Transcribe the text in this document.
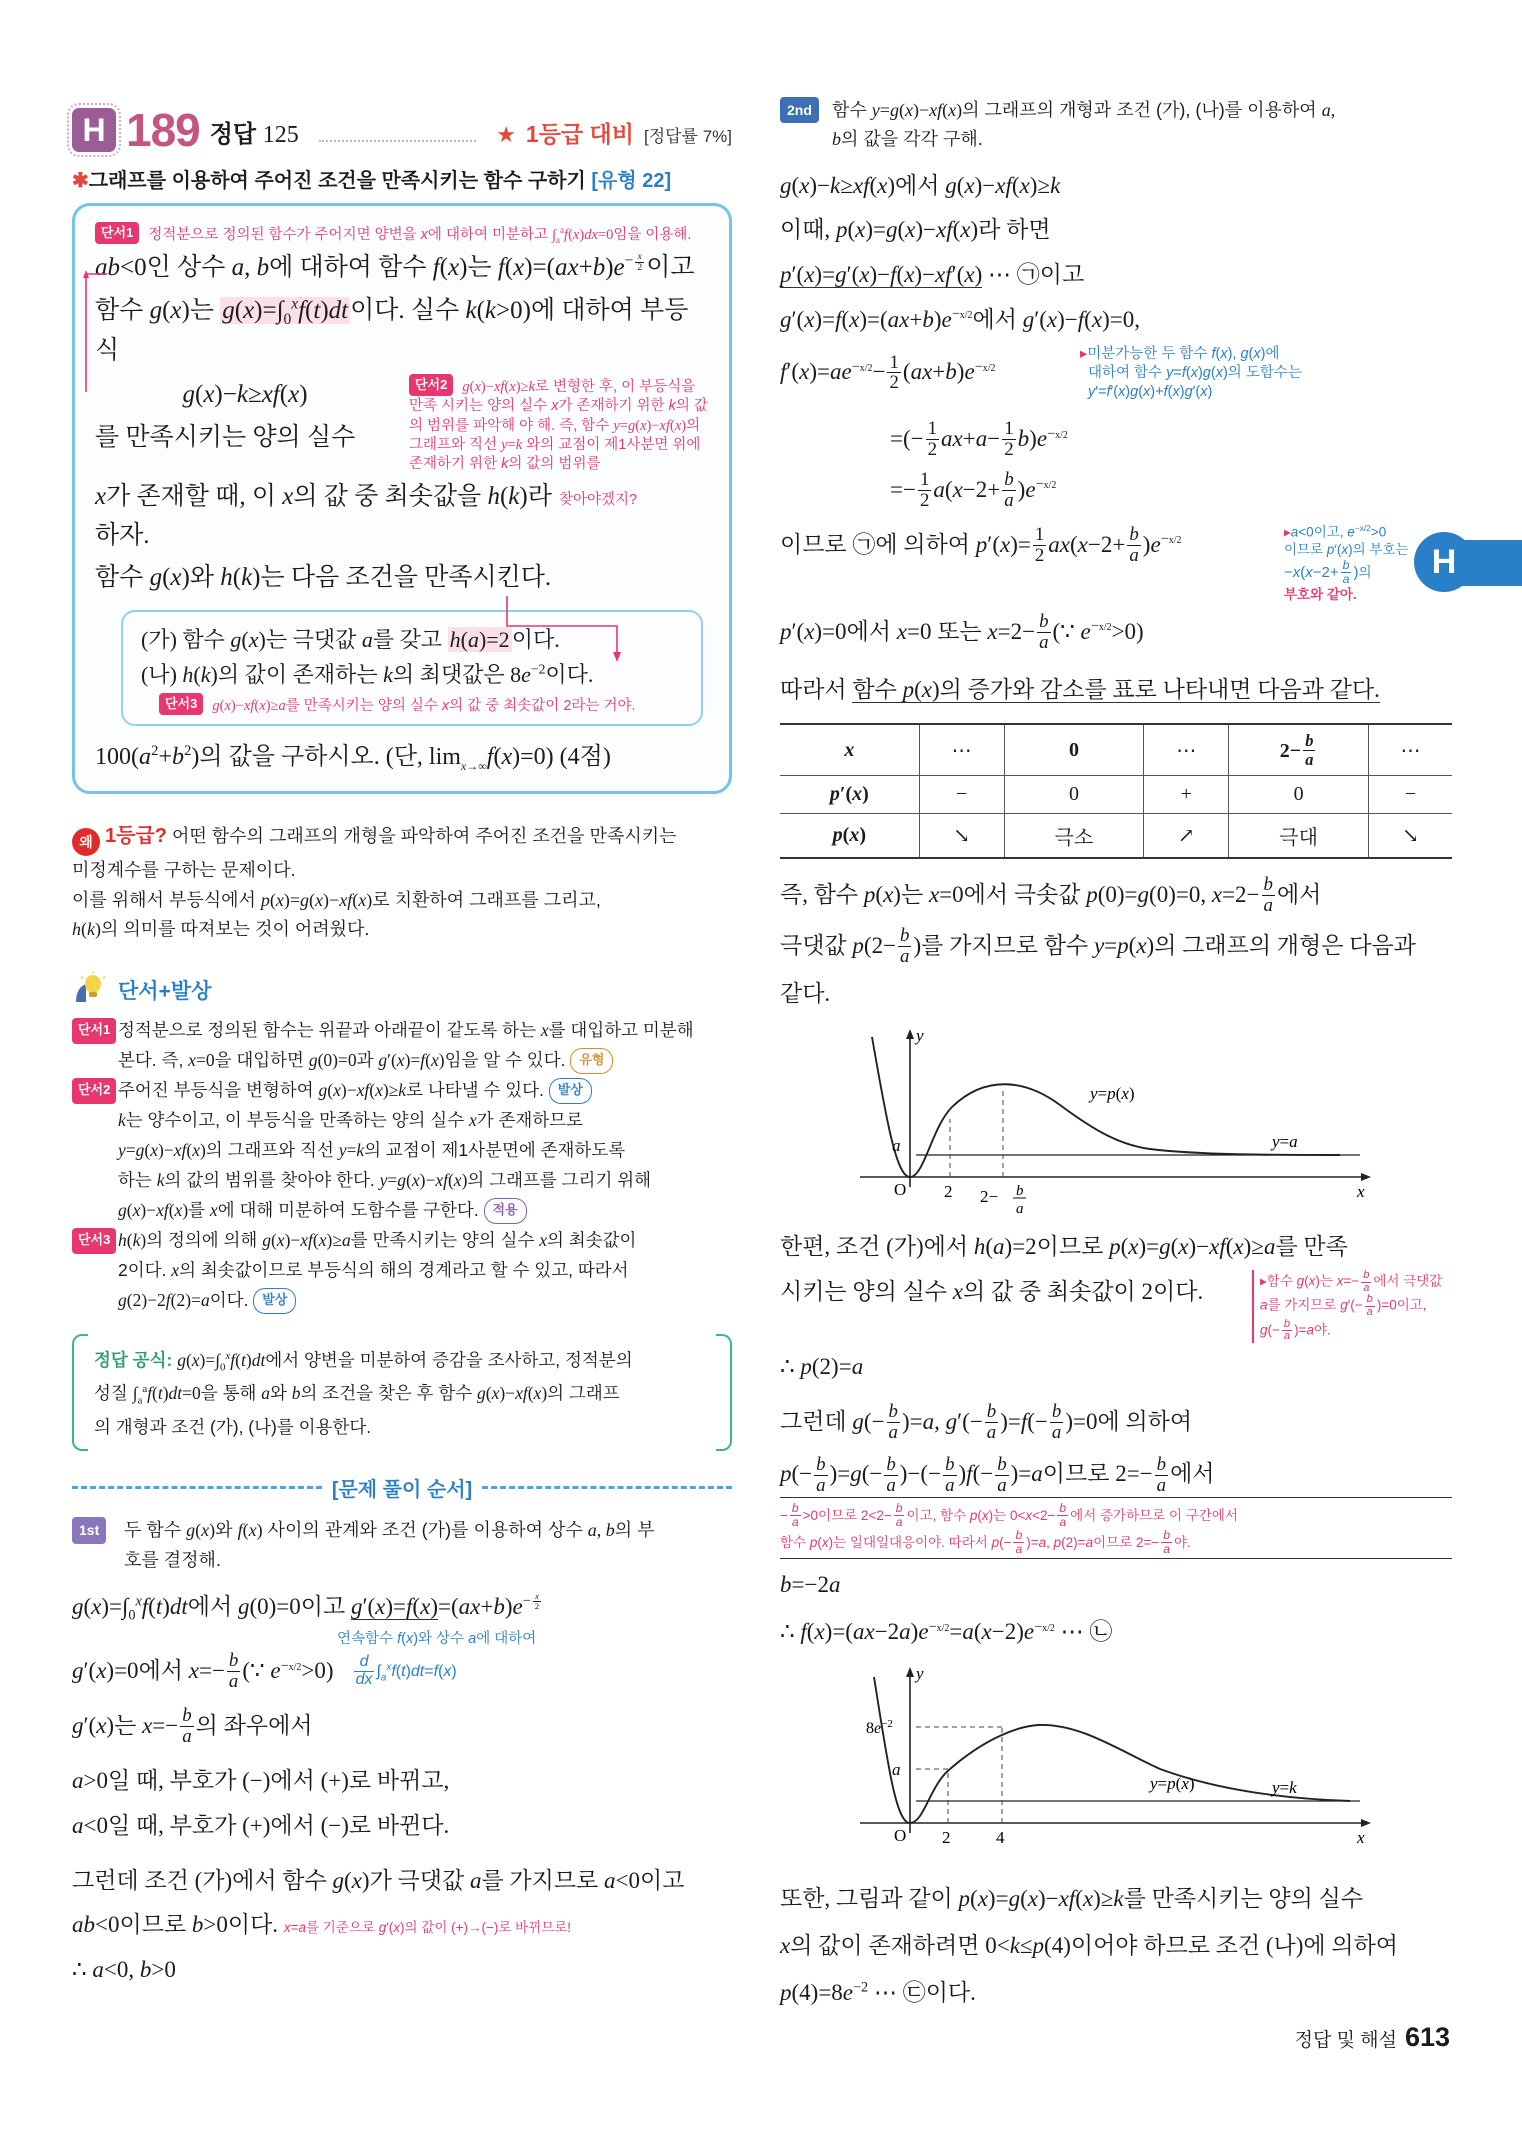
H 189 정답 125	★ 1등급 대비 [정답률 7%]
✱그래프를 이용하여 주어진 조건을 만족시키는 함수 구하기 [유형 22]
단서1 정적분으로 정의된 함수가 주어지면 양변을 x에 대하여 미분하고 $\int_a^af(x)dx=0$임을 이용해.
ab<0인 상수 a, b에 대하여 함수 f(x)는 $f(x)=(ax+b)e^{- \frac{x}{2}}$ 이고
함수 g(x)는 $g(x)=\int_0^xf(t)dt$이다. 실수 k(k>0)에 대하여 부등식
g(x)−k≥xf(x)
를 만족시키는 양의 실수
단서2 g(x)−xf(x)≥k로 변형한 후, 이 부등식을 만족 시키는 양의 실수 x가 존재하기 위한 k의 값의 범위를 파악해 야 해. 즉, 함수 y=g(x)−xf(x)의 그래프와 직선 y=k 와의 교점이 제1사분면 위에 존재하기 위한 k의 값의 범위를
x가 존재할 때, 이 x의 값 중 최솟값을 h(k)라 하자.
찾아야겠지?
함수 g(x)와 h(k)는 다음 조건을 만족시킨다.
(가) 함수 g(x)는 극댓값 a를 갖고 h(a)=2이다.
(나) h(k)의 값이 존재하는 k의 최댓값은 $8e^{-2}$이다.
단서3 g(x)−xf(x)≥a를 만족시키는 양의 실수 x의 값 중 최솟값이 2라는 거야.
$100(a^2+b^2)$의 값을 구하시오. (단, $\lim_{x\to\infty}f(x)=0$) (4점)
왜 1등급? 어떤 함수의 그래프의 개형을 파악하여 주어진 조건을 만족시키는
미정계수를 구하는 문제이다.
이를 위해서 부등식에서 p(x)=g(x)−xf(x)로 치환하여 그래프를 그리고,
h(k)의 의미를 따져보는 것이 어려웠다.
단서+발상

단서1 정적분으로 정의된 함수는 위끝과 아래끝이 같도록 하는 x를 대입하고 미분해

본다. 즉, x=0을 대입하면 g(0)=0과 g′(x)=f(x)임을 알 수 있다. 유형

단서2 주어진 부등식을 변형하여 g(x)−xf(x)≥k로 나타낼 수 있다. 발상

k는 양수이고, 이 부등식을 만족하는 양의 실수 x가 존재하므로

y=g(x)−xf(x)의 그래프와 직선 y=k의 교점이 제1사분면에 존재하도록

하는 k의 값의 범위를 찾아야 한다. y=g(x)−xf(x)의 그래프를 그리기 위해

g(x)−xf(x)를 x에 대해 미분하여 도함수를 구한다. 적용

단서3 h(k)의 정의에 의해 g(x)−xf(x)≥a를 만족시키는 양의 실수 x의 최솟값이

2이다. x의 최솟값이므로 부등식의 해의 경계라고 할 수 있고, 따라서

g(2)−2f(2)=a이다. 발상

정답 공식: $g(x)=\int_0^xf(t)dt$에서 양변을 미분하여 증감을 조사하고, 정적분의
성질 $\int_a^af(t)dt=0$을 통해 a와 b의 조건을 찾은 후 함수 g(x)−xf(x)의 그래프
의 개형과 조건 (가), (나)를 이용한다.
[문제 풀이 순서]
1st	두 함수 g(x)와 f(x) 사이의 관계와 조건 (가)를 이용하여 상수 a, b의 부
호를 결정해.
$g(x)=\int_0^xf(t)dt$에서 g(0)=0이고 $g'(x)=f(x)=(ax+b)e^{- \frac{x}{2}}$
연속함수 f(x)와 상수 a에 대하여
g′(x)=0에서 $x=- \frac{b}{a}$ (∵ $e^{-x/2}>0) \frac{d}{dx} \int_a^xf(t)dt=f(x)$
g′(x)는 $x=- \frac{b}{a}$ 의 좌우에서
a>0일 때, 부호가 (−)에서 (+)로 바뀌고,
a<0일 때, 부호가 (+)에서 (−)로 바뀐다.
그런데 조건 (가)에서 함수 g(x)가 극댓값 a를 가지므로 a<0이고
ab<0이므로 b>0이다. x=a를 기준으로 g′(x)의 값이 (+)→(−)로 바뀌므로!
∴ a<0, b>0
2nd	함수 y=g(x)−xf(x)의 그래프의 개형과 조건 (가), (나)를 이용하여 a,
b의 값을 각각 구해.
g(x)−k≥xf(x)에서 g(x)−xf(x)≥k
이때, p(x)=g(x)−xf(x)라 하면
p′(x)=g′(x)−f(x)−xf′(x) ⋯ ㉠이고
$g'(x)=f(x)=(ax+b)e^{-x/2}$에서 g′(x)−f(x)=0,
▸미분가능한 두 함수 f(x), g(x)에
대하여 함수 y=f(x)g(x)의 도함수는
y′=f′(x)g(x)+f(x)g′(x)
$f'(x)=ae^{-x/2}- \frac{1}{2} (ax+b)e^{-x/2}$
=(− $\frac{1}{2} ax+a- \frac{1}{2} b)e^{-x/2}$
=− $\frac{1}{2} a(x-2+ \frac{b}{a} )e^{-x/2}$
이므로 ㉠에 의하여 $p'(x)= \frac{1}{2} ax(x-2+ \frac{b}{a} )e^{-x/2}$
▸a<0이고, $e^{-x/2}>0$
이므로 p′(x)의 부호는
$-x(x-2+ \frac{b}{a}$ )의
부호와 같아.
p′(x)=0에서 x=0 또는 $x=2- \frac{b}{a}$ (∵ $e^{-x/2}>0$)
따라서 함수 p(x)의 증가와 감소를 표로 나타내면 다음과 같다.
x	⋯	0	⋯	$2- \frac{b}{a}$	⋯
p′(x)	−	0	+	0	−
p(x)	↘	극소	↗	극대	↘
즉, 함수 p(x)는 x=0에서 극솟값 p(0)=g(0)=0, $x=2- \frac{b}{a}$ 에서
극댓값 $p(2- \frac{b}{a}$ )를 가지므로 함수 y=p(x)의 그래프의 개형은 다음과
같다.
y
x
O
a
2 2− b
a
y=p(x)
y=a
한편, 조건 (가)에서 h(a)=2이므로 p(x)=g(x)−xf(x)≥a를 만족
시키는 양의 실수 x의 값 중 최솟값이 2이다.	▸함수 g(x)는 $x=- \frac{b}{a}$ 에서 극댓값
a를 가지므로 $g'(- \frac{b}{a} )=0$이고,
$g(- \frac{b}{a} )=a$야.
∴ p(2)=a
그런데 $g(- \frac{b}{a} )=a$, $g'(- \frac{b}{a} )=f(- \frac{b}{a} )=0$에 의하여
$p(- \frac{b}{a} )=g(- \frac{b}{a}$ )−(− $\frac{b}{a} )f(- \frac{b}{a} )=a$이므로 $2=- \frac{b}{a}$ 에서
− $\frac{b}{a} >0$이므로 $2<2- \frac{b}{a}$ 이고, 함수 p(x)는 $0<x<2- \frac{b}{a}$ 에서 증가하므로 이 구간에서
함수 p(x)는 일대일대응이야. 따라서 $p(- \frac{b}{a} )=a$, p(2)=a이므로 $2=- \frac{b}{a}$ 야.
b=−2a
∴ $f(x)=(ax-2a)e^{-x/2}=a(x-2)e^{-x/2}$ ⋯ ㉡
y
x
O
$8e^{-2}$
a
2	4
y=p(x)	y=k
또한, 그림과 같이 p(x)=g(x)−xf(x)≥k를 만족시키는 양의 실수
x의 값이 존재하려면 0<k≤p(4)이어야 하므로 조건 (나)에 의하여
$p(4)=8e^{-2}$ ⋯ ㉢이다.
H
정답 및 해설 613
